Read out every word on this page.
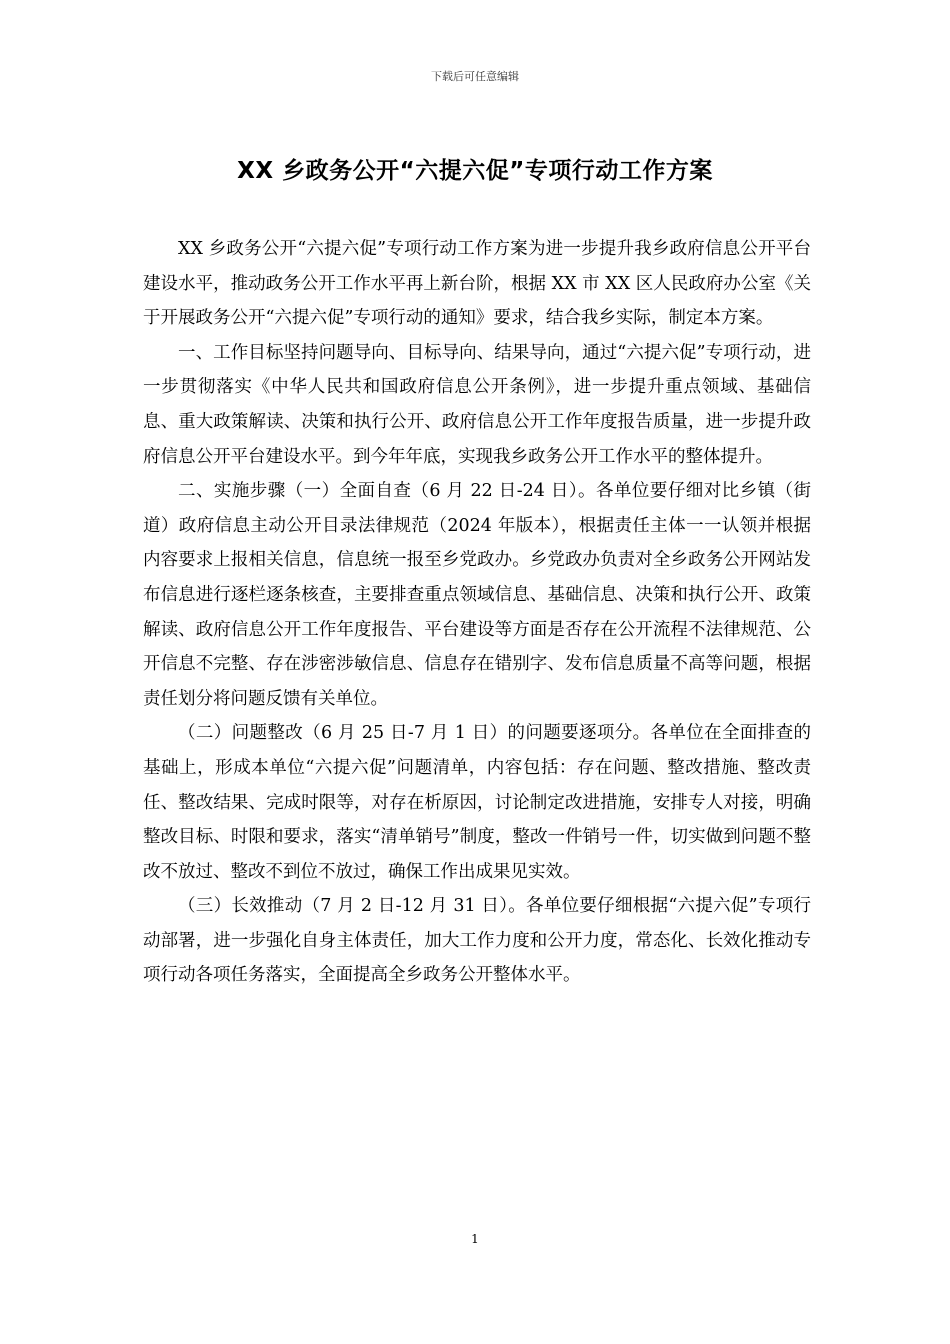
下载后可任意编辑
XX 乡政务公开“六提六促”专项行动工作方案

XX 乡政务公开“六提六促”专项行动工作方案为进一步提升我乡政府信息公开平台建设水平，推动政务公开工作水平再上新台阶，根据 XX 市 XX 区人民政府办公室《关于开展政务公开“六提六促”专项行动的通知》要求，结合我乡实际，制定本方案。

一、工作目标坚持问题导向、目标导向、结果导向，通过“六提六促”专项行动，进一步贯彻落实《中华人民共和国政府信息公开条例》，进一步提升重点领域、基础信息、重大政策解读、决策和执行公开、政府信息公开工作年度报告质量，进一步提升政府信息公开平台建设水平。到今年年底，实现我乡政务公开工作水平的整体提升。

二、实施步骤（一）全面自查（6 月 22 日-24 日）。各单位要仔细对比乡镇（街道）政府信息主动公开目录法律规范（2024 年版本），根据责任主体一一认领并根据内容要求上报相关信息，信息统一报至乡党政办。乡党政办负责对全乡政务公开网站发布信息进行逐栏逐条核查，主要排查重点领域信息、基础信息、决策和执行公开、政策解读、政府信息公开工作年度报告、平台建设等方面是否存在公开流程不法律规范、公开信息不完整、存在涉密涉敏信息、信息存在错别字、发布信息质量不高等问题，根据责任划分将问题反馈有关单位。

（二）问题整改（6 月 25 日-7 月 1 日）的问题要逐项分。各单位在全面排查的基础上，形成本单位“六提六促”问题清单，内容包括：存在问题、整改措施、整改责任、整改结果、完成时限等，对存在析原因，讨论制定改进措施，安排专人对接，明确整改目标、时限和要求，落实“清单销号”制度，整改一件销号一件，切实做到问题不整改不放过、整改不到位不放过，确保工作出成果见实效。

（三）长效推动（7 月 2 日-12 月 31 日）。各单位要仔细根据“六提六促”专项行动部署，进一步强化自身主体责任，加大工作力度和公开力度，常态化、长效化推动专项行动各项任务落实，全面提高全乡政务公开整体水平。

1
